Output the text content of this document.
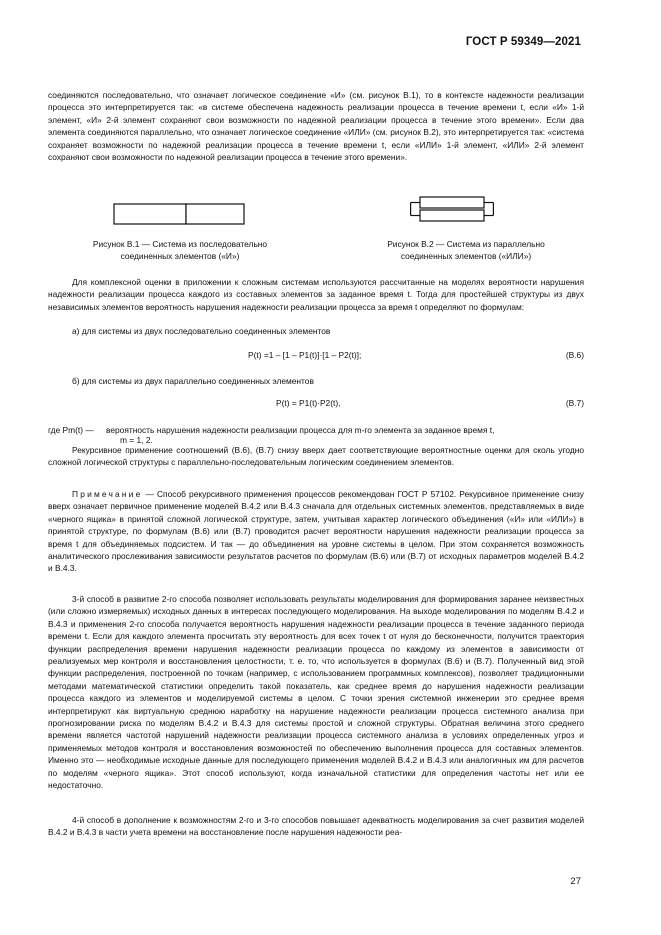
ГОСТ Р 59349—2021

соединяются последовательно, что означает логическое соединение «И» (см. рисунок В.1), то в контексте надежности реализации процесса это интерпретируется так: «в системе обеспечена надежность реализации процесса в течение времени t, если «И» 1-й элемент, «И» 2-й элемент сохраняют свои возможности по надежной реализации процесса в течение этого времени». Если два элемента соединяются параллельно, что означает логическое соединение «ИЛИ» (см. рисунок В.2), это интерпретируется так: «система сохраняет возможности по надежной реализации процесса в течение времени t, если «ИЛИ» 1-й элемент, «ИЛИ» 2-й элемент сохраняют свои возможности по надежной реализации процесса в течение этого времени».

Рисунок В.1 — Система из последовательно
соединенных элементов («И»)
Рисунок В.2 — Система из параллельно
соединенных элементов («ИЛИ»)

Для комплексной оценки в приложении к сложным системам используются рассчитанные на моделях вероятности нарушения надежности реализации процесса каждого из составных элементов за заданное время t. Тогда для простейшей структуры из двух независимых элементов вероятность нарушения надежности реализации процесса за время t определяют по формулам:

а) для системы из двух последовательно соединенных элементов

P(t) =1 – [1 – P1(t)]·[1 – P2(t)];	(В.6)

б) для системы из двух параллельно соединенных элементов

P(t) = P1(t)·P2(t),	(В.7)
где Pm(t) —	вероятность нарушения надежности реализации процесса для m-го элемента за заданное время t,
m = 1, 2.

Рекурсивное применение соотношений (В.6), (В.7) снизу вверх дает соответствующие вероятностные оценки для сколь угодно сложной логической структуры с параллельно-последовательным логическим соединением элементов.

Примечание — Способ рекурсивного применения процессов рекомендован ГОСТ Р 57102. Рекурсивное применение снизу вверх означает первичное применение моделей В.4.2 или В.4.3 сначала для отдельных системных элементов, представляемых в виде «черного ящика» в принятой сложной логической структуре, затем, учитывая характер логического объединения («И» или «ИЛИ») в принятой структуре, по формулам (В.6) или (В.7) проводится расчет вероятности нарушения надежности реализации процесса за время t для объединяемых подсистем. И так — до объединения на уровне системы в целом. При этом сохраняется возможность аналитического прослеживания зависимости результатов расчетов по формулам (В.6) или (В.7) от исходных параметров моделей В.4.2 и В.4.3.

3-й способ в развитие 2-го способа позволяет использовать результаты моделирования для формирования заранее неизвестных (или сложно измеряемых) исходных данных в интересах последующего моделирования. На выходе моделирования по моделям В.4.2 и В.4.3 и применения 2-го способа получается вероятность нарушения надежности реализации процесса в течение заданного периода времени t. Если для каждого элемента просчитать эту вероятность для всех точек t от нуля до бесконечности, получится траектория функции распределения времени нарушения надежности реализации процесса по каждому из элементов в зависимости от реализуемых мер контроля и восстановления целостности, т. е. то, что используется в формулах (В.6) и (В.7). Полученный вид этой функции распределения, построенной по точкам (например, с использованием программных комплексов), позволяет традиционными методами математической статистики определить такой показатель, как среднее время до нарушения надежности реализации процесса каждого из элементов и моделируемой системы в целом. С точки зрения системной инженерии это среднее время интерпретируют как виртуальную среднюю наработку на нарушение надежности реализации процесса системного анализа при прогнозировании риска по моделям В.4.2 и В.4.3 для системы простой и сложной структуры. Обратная величина этого среднего времени является частотой нарушений надежности реализации процесса системного анализа в условиях определенных угроз и применяемых методов контроля и восстановления возможностей по обеспечению выполнения процесса для составных элементов. Именно это — необходимые исходные данные для последующего применения моделей В.4.2 и В.4.3 или аналогичных им для расчетов по моделям «черного ящика». Этот способ используют, когда изначальной статистики для определения частоты нет или ее недостаточно.

4-й способ в дополнение к возможностям 2-го и 3-го способов повышает адекватность моделирования за счет развития моделей В.4.2 и В.4.3 в части учета времени на восстановление после нарушения надежности реа-

27
